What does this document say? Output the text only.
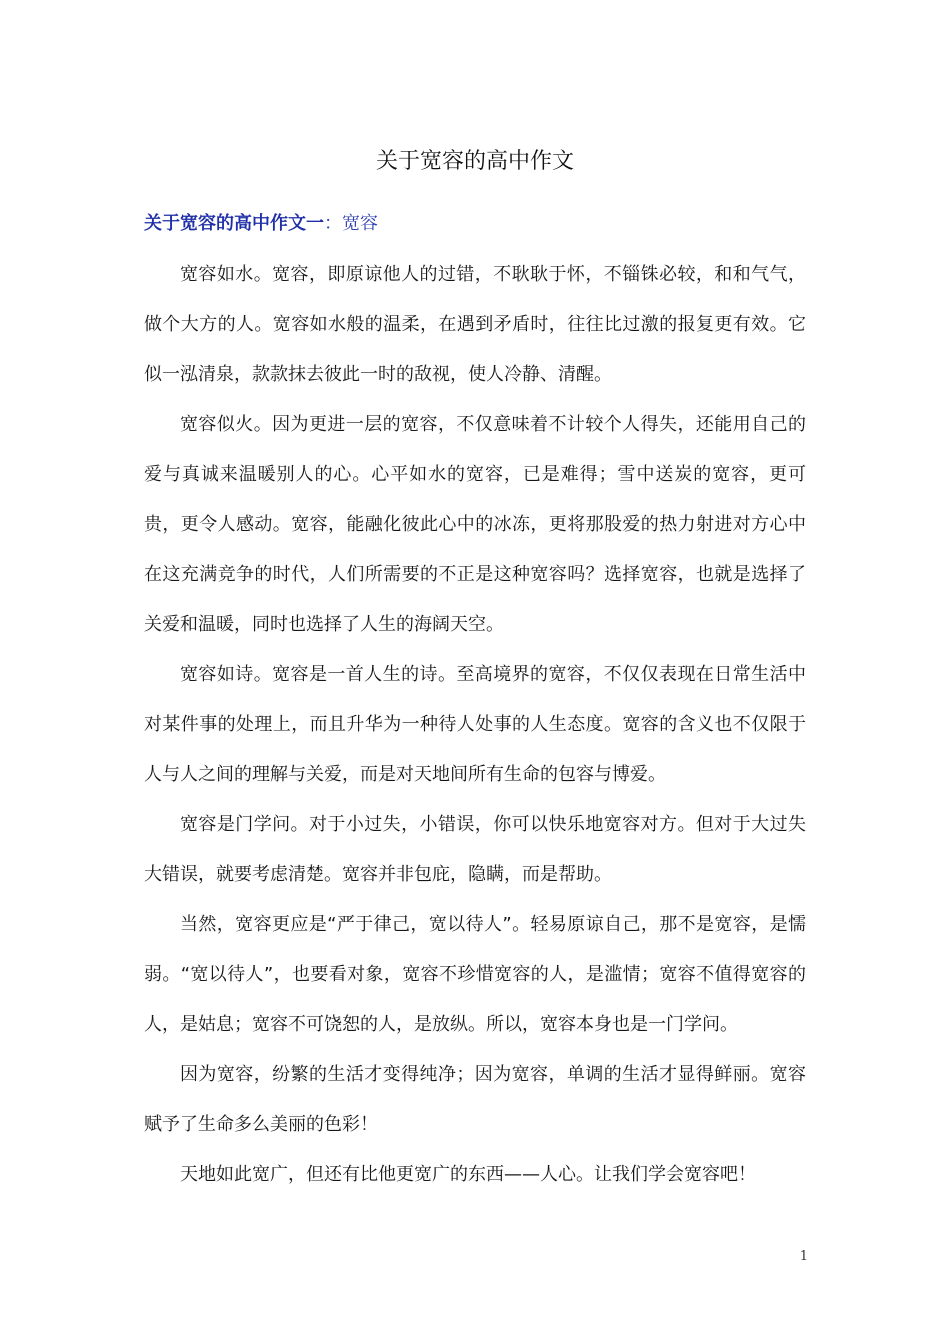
关于宽容的高中作文
关于宽容的高中作文一：宽容

宽容如水。宽容，即原谅他人的过错，不耿耿于怀，不锱铢必较，和和气气，做个大方的人。宽容如水般的温柔，在遇到矛盾时，往往比过激的报复更有效。它似一泓清泉，款款抹去彼此一时的敌视，使人冷静、清醒。

宽容似火。因为更进一层的宽容，不仅意味着不计较个人得失，还能用自己的爱与真诚来温暖别人的心。心平如水的宽容，已是难得；雪中送炭的宽容，更可贵，更令人感动。宽容，能融化彼此心中的冰冻，更将那股爱的热力射进对方心中在这充满竞争的时代，人们所需要的不正是这种宽容吗？选择宽容，也就是选择了关爱和温暖，同时也选择了人生的海阔天空。

宽容如诗。宽容是一首人生的诗。至高境界的宽容，不仅仅表现在日常生活中对某件事的处理上，而且升华为一种待人处事的人生态度。宽容的含义也不仅限于人与人之间的理解与关爱，而是对天地间所有生命的包容与博爱。

宽容是门学问。对于小过失，小错误，你可以快乐地宽容对方。但对于大过失大错误，就要考虑清楚。宽容并非包庇，隐瞒，而是帮助。

当然，宽容更应是“严于律己，宽以待人”。轻易原谅自己，那不是宽容，是懦弱。“宽以待人”，也要看对象，宽容不珍惜宽容的人，是滥情；宽容不值得宽容的人，是姑息；宽容不可饶恕的人，是放纵。所以，宽容本身也是一门学问。

因为宽容，纷繁的生活才变得纯净；因为宽容，单调的生活才显得鲜丽。宽容赋予了生命多么美丽的色彩！

天地如此宽广，但还有比他更宽广的东西——人心。让我们学会宽容吧！

1
